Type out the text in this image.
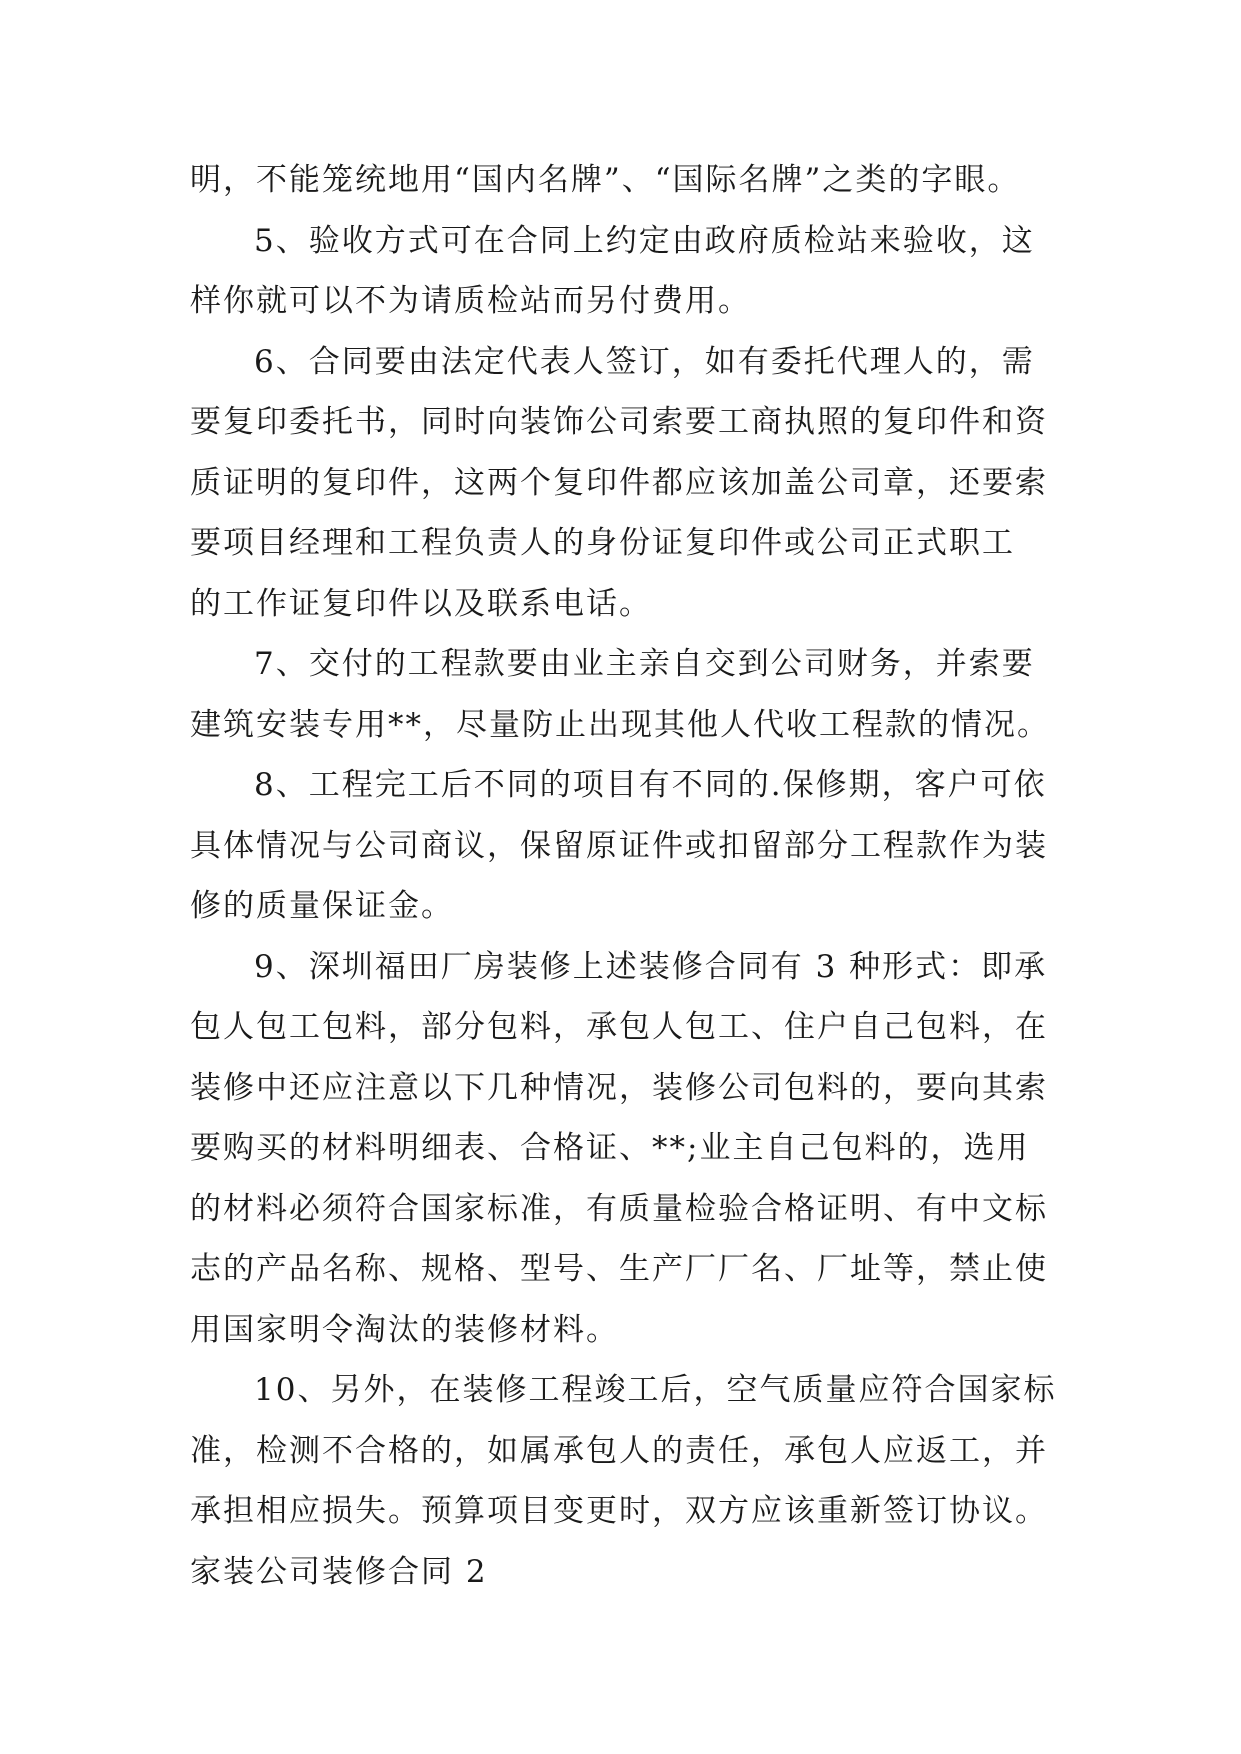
明，不能笼统地用“国内名牌”、“国际名牌”之类的字眼。
5、验收方式可在合同上约定由政府质检站来验收，这
样你就可以不为请质检站而另付费用。
6、合同要由法定代表人签订，如有委托代理人的，需
要复印委托书，同时向装饰公司索要工商执照的复印件和资
质证明的复印件，这两个复印件都应该加盖公司章，还要索
要项目经理和工程负责人的身份证复印件或公司正式职工
的工作证复印件以及联系电话。
7、交付的工程款要由业主亲自交到公司财务，并索要
建筑安装专用**，尽量防止出现其他人代收工程款的情况。
8、工程完工后不同的项目有不同的.保修期，客户可依
具体情况与公司商议，保留原证件或扣留部分工程款作为装
修的质量保证金。
9、深圳福田厂房装修上述装修合同有 3 种形式：即承
包人包工包料，部分包料，承包人包工、住户自己包料，在
装修中还应注意以下几种情况，装修公司包料的，要向其索
要购买的材料明细表、合格证、**;业主自己包料的，选用
的材料必须符合国家标准，有质量检验合格证明、有中文标
志的产品名称、规格、型号、生产厂厂名、厂址等，禁止使
用国家明令淘汰的装修材料。
10、另外，在装修工程竣工后，空气质量应符合国家标
准，检测不合格的，如属承包人的责任，承包人应返工，并
承担相应损失。预算项目变更时，双方应该重新签订协议。
家装公司装修合同 2
